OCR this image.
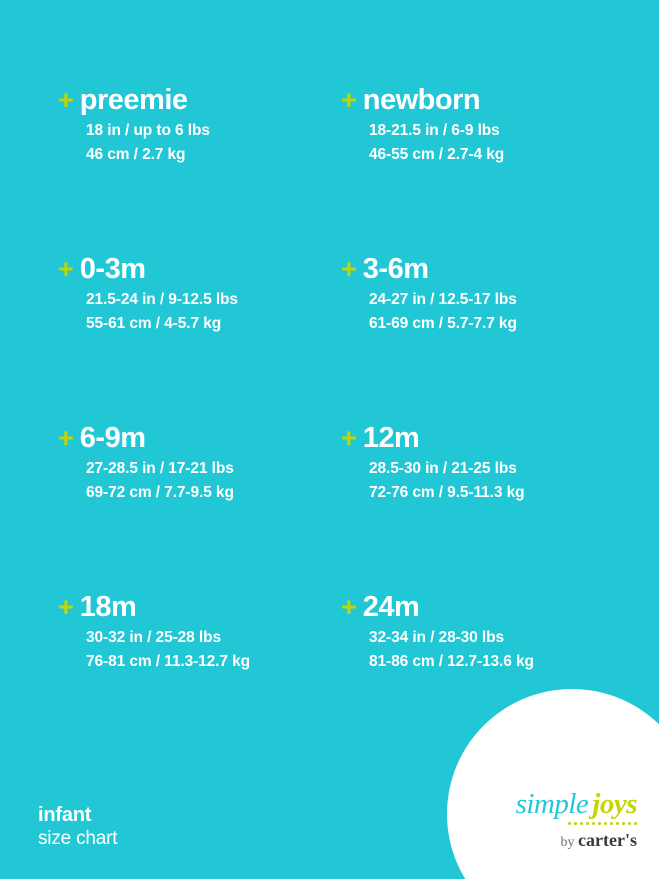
+ preemie
18 in / up to 6 lbs
46 cm / 2.7 kg
+ newborn
18-21.5 in / 6-9 lbs
46-55 cm / 2.7-4 kg
+ 0-3m
21.5-24 in / 9-12.5 lbs
55-61 cm / 4-5.7 kg
+ 3-6m
24-27 in / 12.5-17 lbs
61-69 cm / 5.7-7.7 kg
+ 6-9m
27-28.5 in / 17-21 lbs
69-72 cm / 7.7-9.5 kg
+ 12m
28.5-30 in / 21-25 lbs
72-76 cm / 9.5-11.3 kg
+ 18m
30-32 in / 25-28 lbs
76-81 cm / 11.3-12.7 kg
+ 24m
32-34 in / 28-30 lbs
81-86 cm / 12.7-13.6 kg
infant
size chart
simple joys
by carter's
